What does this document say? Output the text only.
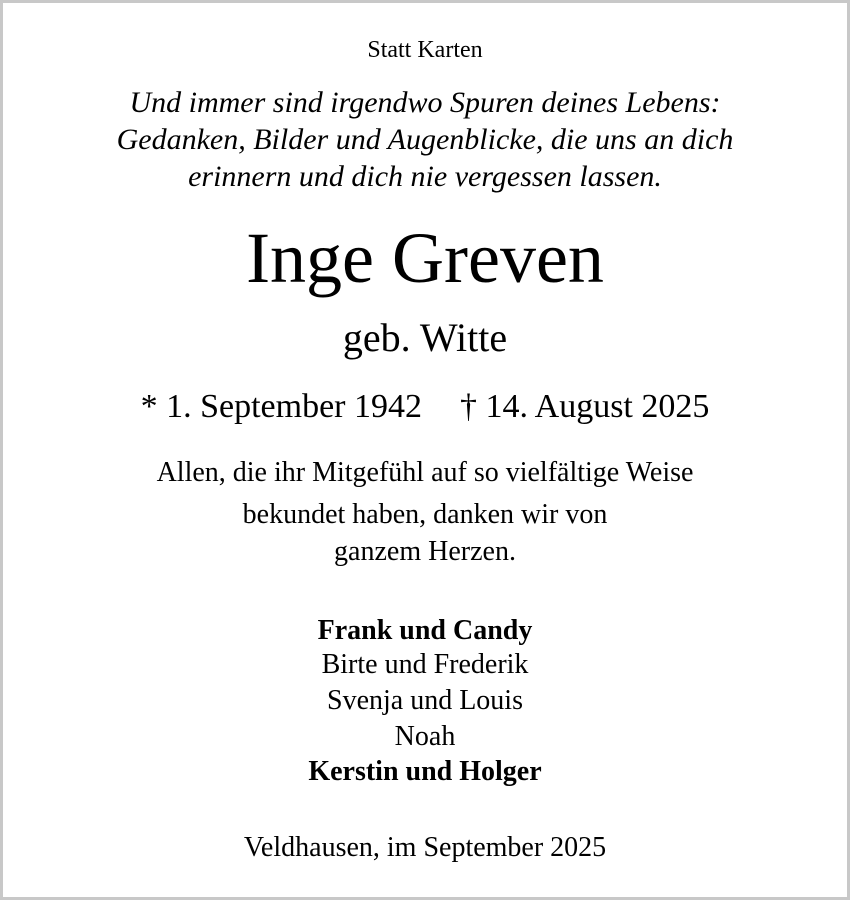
Statt Karten
Und immer sind irgendwo Spuren deines Lebens:
Gedanken, Bilder und Augenblicke, die uns an dich
erinnern und dich nie vergessen lassen.
Inge Greven
geb. Witte
* 1. September 1942 † 14. August 2025
Allen, die ihr Mitgefühl auf so vielfältige Weise
bekundet haben, danken wir von
ganzem Herzen.
Frank und Candy
Birte und Frederik
Svenja und Louis
Noah
Kerstin und Holger
Veldhausen, im September 2025
